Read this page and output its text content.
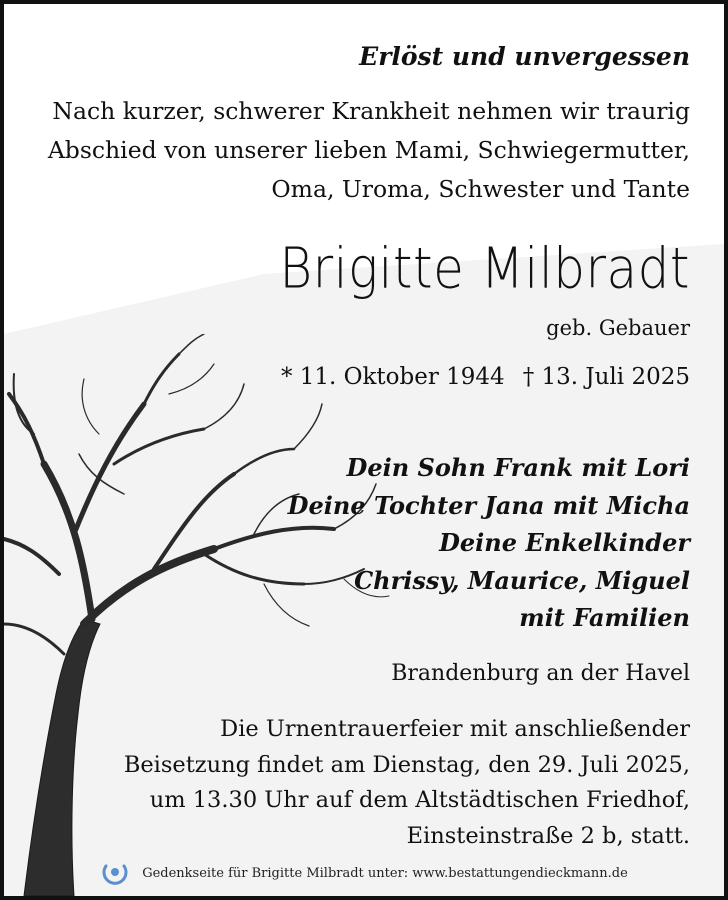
Erlöst und unvergessen
Nach kurzer, schwerer Krankheit nehmen wir traurig
Abschied von unserer lieben Mami, Schwiegermutter,
Oma, Uroma, Schwester und Tante
Brigitte Milbradt
geb. Gebauer
* 11. Oktober 1944 † 13. Juli 2025
Dein Sohn Frank mit Lori
Deine Tochter Jana mit Micha
Deine Enkelkinder
Chrissy, Maurice, Miguel
mit Familien
Brandenburg an der Havel
Die Urnentrauerfeier mit anschließender
Beisetzung findet am Dienstag, den 29. Juli 2025,
um 13.30 Uhr auf dem Altstädtischen Friedhof,
Einsteinstraße 2 b, statt.
Gedenkseite für Brigitte Milbradt unter: www.bestattungendieckmann.de
